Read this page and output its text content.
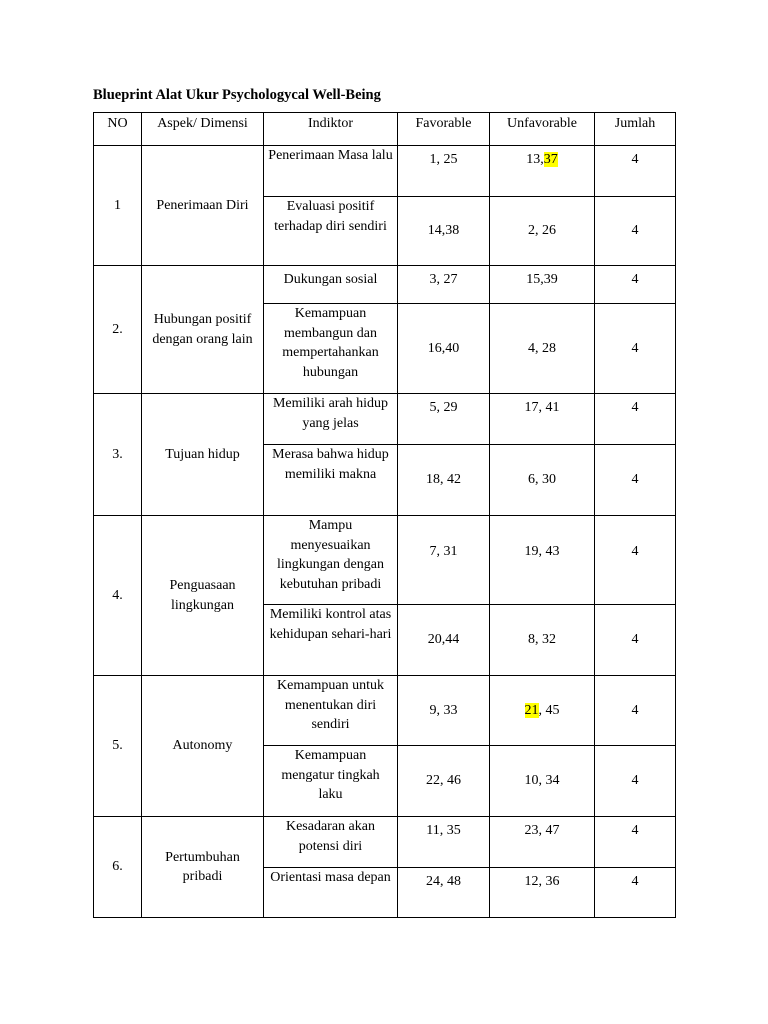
Blueprint Alat Ukur Psychologycal Well-Being
NO	Aspek/ Dimensi	Indiktor	Favorable	Unfavorable	Jumlah
1	Penerimaan Diri	Penerimaan Masa lalu	1, 25	13,37	4
		Evaluasi positif terhadap diri sendiri	14,38	2, 26	4
2.	Hubungan positif dengan orang lain	Dukungan sosial	3, 27	15,39	4
		Kemampuan membangun dan mempertahankan hubungan	16,40	4, 28	4
3.	Tujuan hidup	Memiliki arah hidup yang jelas	5, 29	17, 41	4
		Merasa bahwa hidup memiliki makna	18, 42	6, 30	4
4.	Penguasaan lingkungan	Mampu menyesuaikan lingkungan dengan kebutuhan pribadi	7, 31	19, 43	4
		Memiliki kontrol atas kehidupan sehari-hari	20,44	8, 32	4
5.	Autonomy	Kemampuan untuk menentukan diri sendiri	9, 33	21, 45	4
		Kemampuan mengatur tingkah laku	22, 46	10, 34	4
6.	Pertumbuhan pribadi	Kesadaran akan potensi diri	11, 35	23, 47	4
		Orientasi masa depan	24, 48	12, 36	4
